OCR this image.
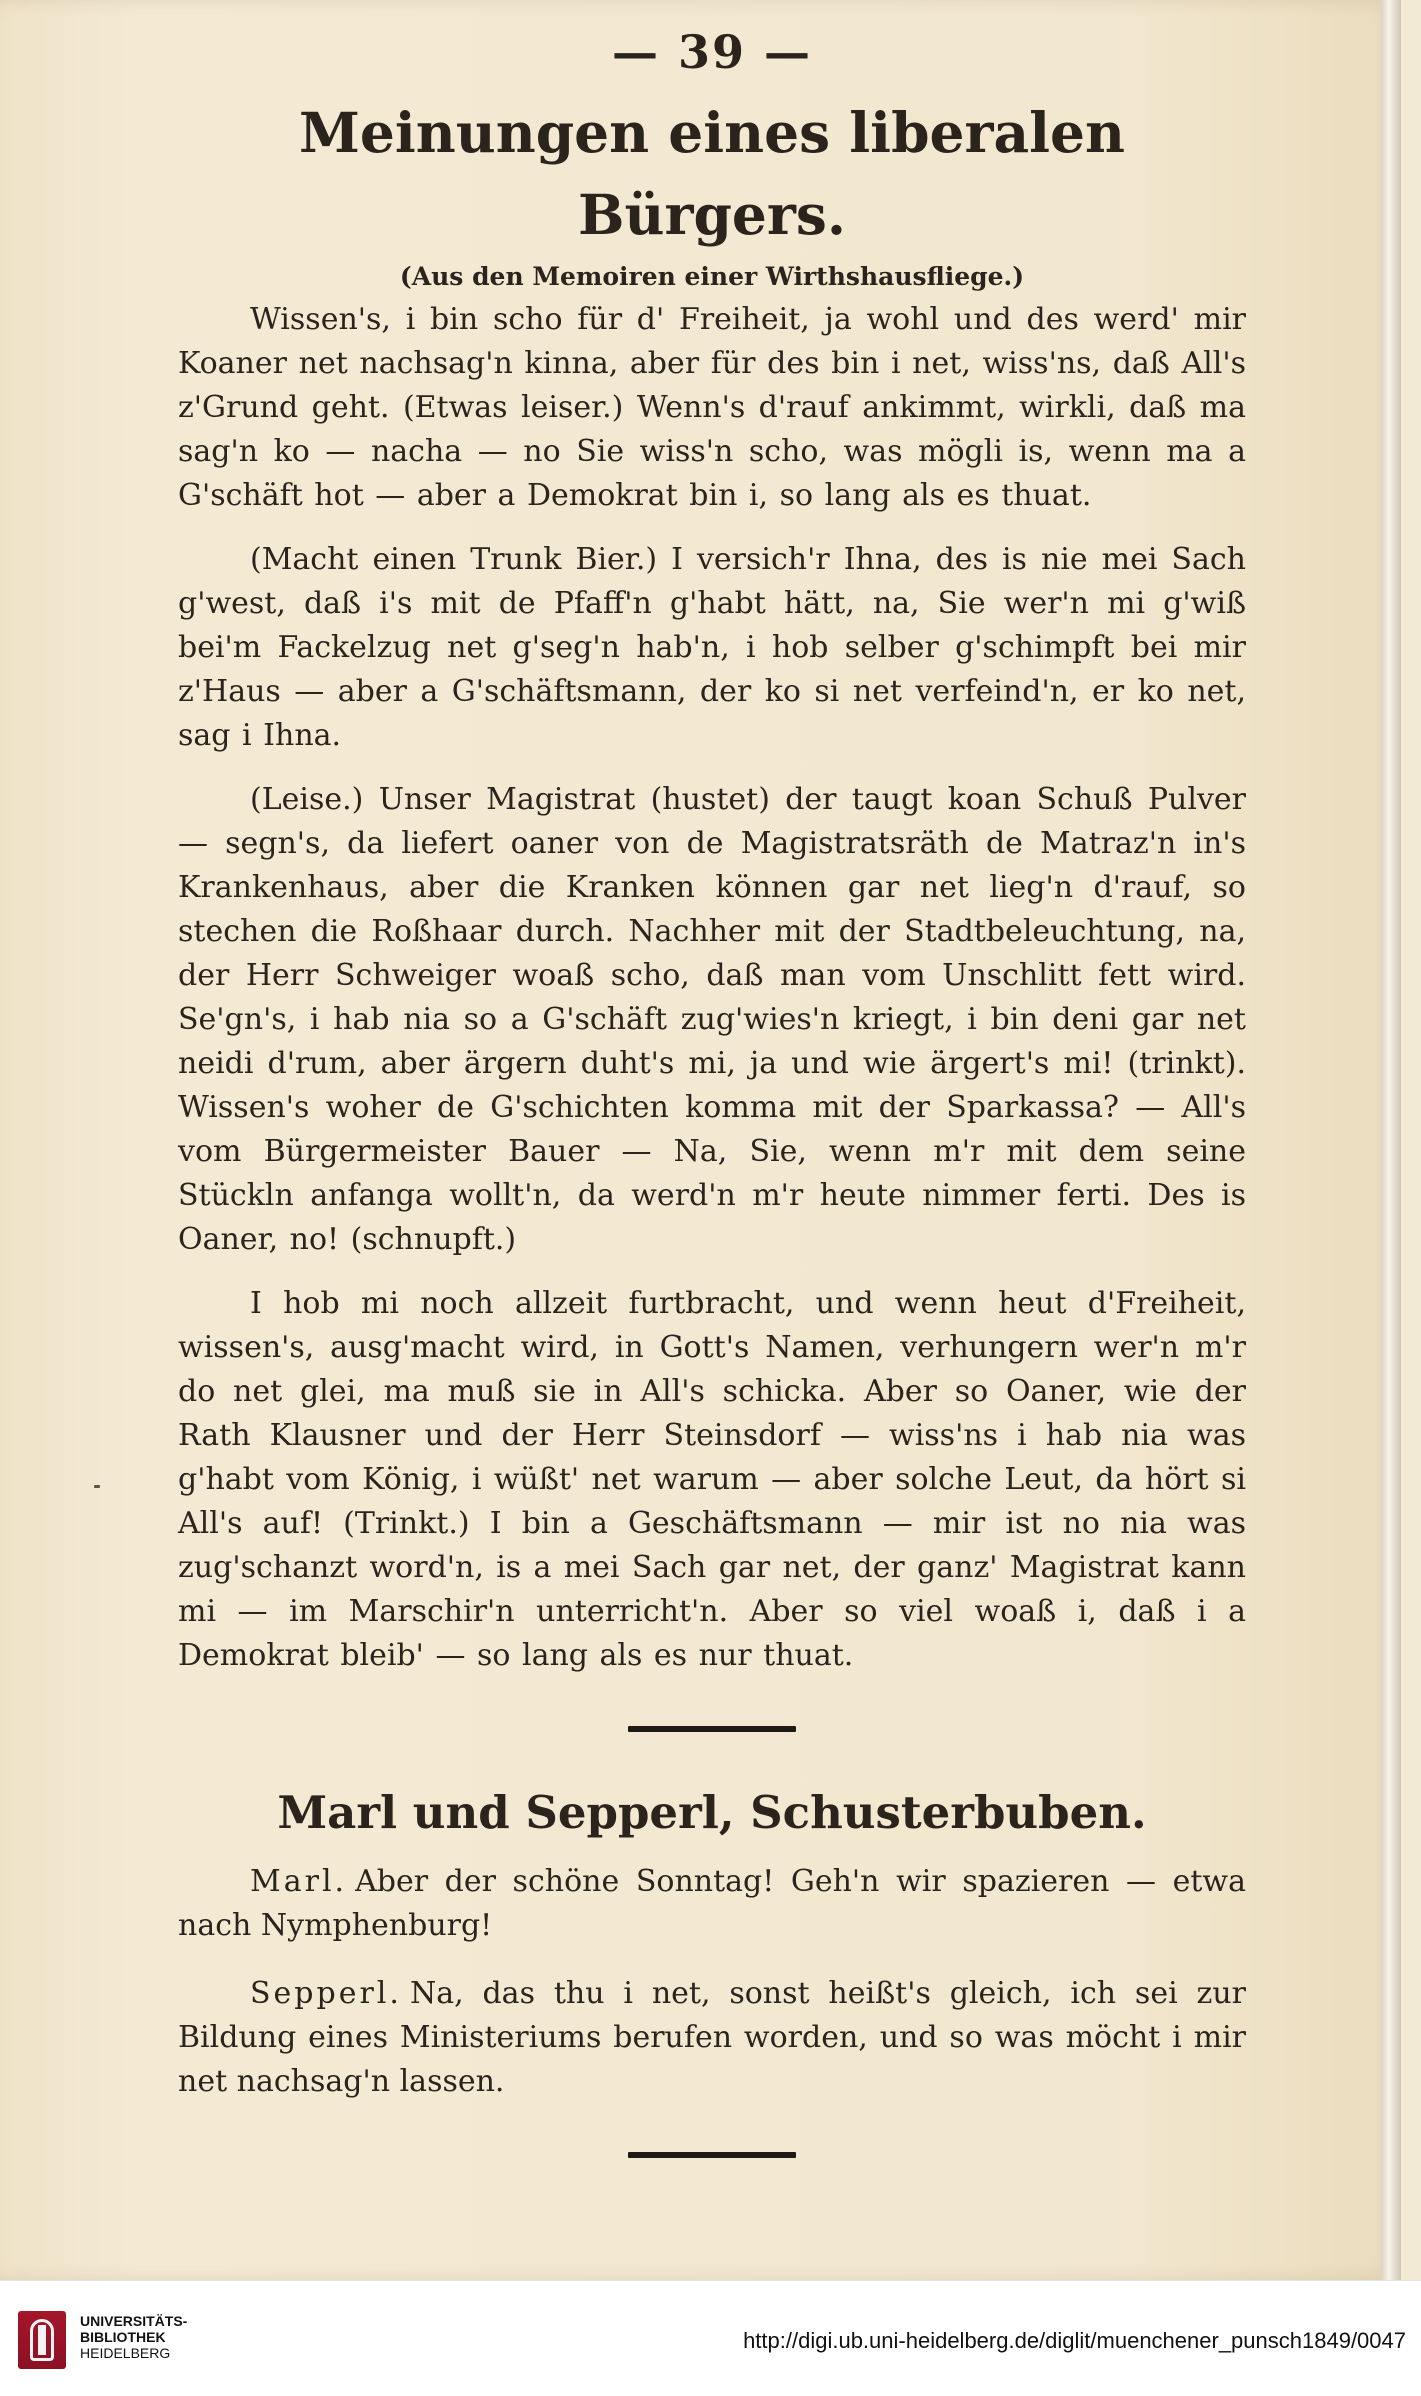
— 39 —
Meinungen eines liberalen Bürgers.
(Aus den Memoiren einer Wirthshausfliege.)

Wissen's, i bin scho für d' Freiheit, ja wohl und des werd' mir Koaner net nachsag'n kinna, aber für des bin i net, wiss'ns, daß All's z'Grund geht. (Etwas leiser.) Wenn's d'rauf ankimmt, wirkli, daß ma sag'n ko — nacha — no Sie wiss'n scho, was mögli is, wenn ma a G'schäft hot — aber a Demokrat bin i, so lang als es thuat.

(Macht einen Trunk Bier.) I versich'r Ihna, des is nie mei Sach g'west, daß i's mit de Pfaff'n g'habt hätt, na, Sie wer'n mi g'wiß bei'm Fackelzug net g'seg'n hab'n, i hob selber g'schimpft bei mir z'Haus — aber a G'schäftsmann, der ko si net verfeind'n, er ko net, sag i Ihna.

(Leise.) Unser Magistrat (hustet) der taugt koan Schuß Pulver — segn's, da liefert oaner von de Magistratsräth de Matraz'n in's Krankenhaus, aber die Kranken können gar net lieg'n d'rauf, so stechen die Roßhaar durch. Nachher mit der Stadtbeleuchtung, na, der Herr Schweiger woaß scho, daß man vom Unschlitt fett wird. Se'gn's, i hab nia so a G'schäft zug'wies'n kriegt, i bin deni gar net neidi d'rum, aber ärgern duht's mi, ja und wie ärgert's mi! (trinkt). Wissen's woher de G'schichten komma mit der Sparkassa? — All's vom Bürgermeister Bauer — Na, Sie, wenn m'r mit dem seine Stückln anfanga wollt'n, da werd'n m'r heute nimmer ferti. Des is Oaner, no! (schnupft.)

I hob mi noch allzeit furtbracht, und wenn heut d'Freiheit, wissen's, ausg'macht wird, in Gott's Namen, verhungern wer'n m'r do net glei, ma muß sie in All's schicka. Aber so Oaner, wie der Rath Klausner und der Herr Steinsdorf — wiss'ns i hab nia was g'habt vom König, i wüßt' net warum — aber solche Leut, da hört si All's auf! (Trinkt.) I bin a Geschäftsmann — mir ist no nia was zug'schanzt word'n, is a mei Sach gar net, der ganz' Magistrat kann mi — im Marschir'n unterricht'n. Aber so viel woaß i, daß i a Demokrat bleib' — so lang als es nur thuat.

Marl und Sepperl, Schusterbuben.

Marl. Aber der schöne Sonntag! Geh'n wir spazieren — etwa nach Nymphenburg!

Sepperl. Na, das thu i net, sonst heißt's gleich, ich sei zur Bildung eines Ministeriums berufen worden, und so was möcht i mir net nachsag'n lassen.

UNIVERSITÄTS-
BIBLIOTHEK
HEIDELBERG	http://digi.ub.uni-heidelberg.de/diglit/muenchener_punsch1849/0047
